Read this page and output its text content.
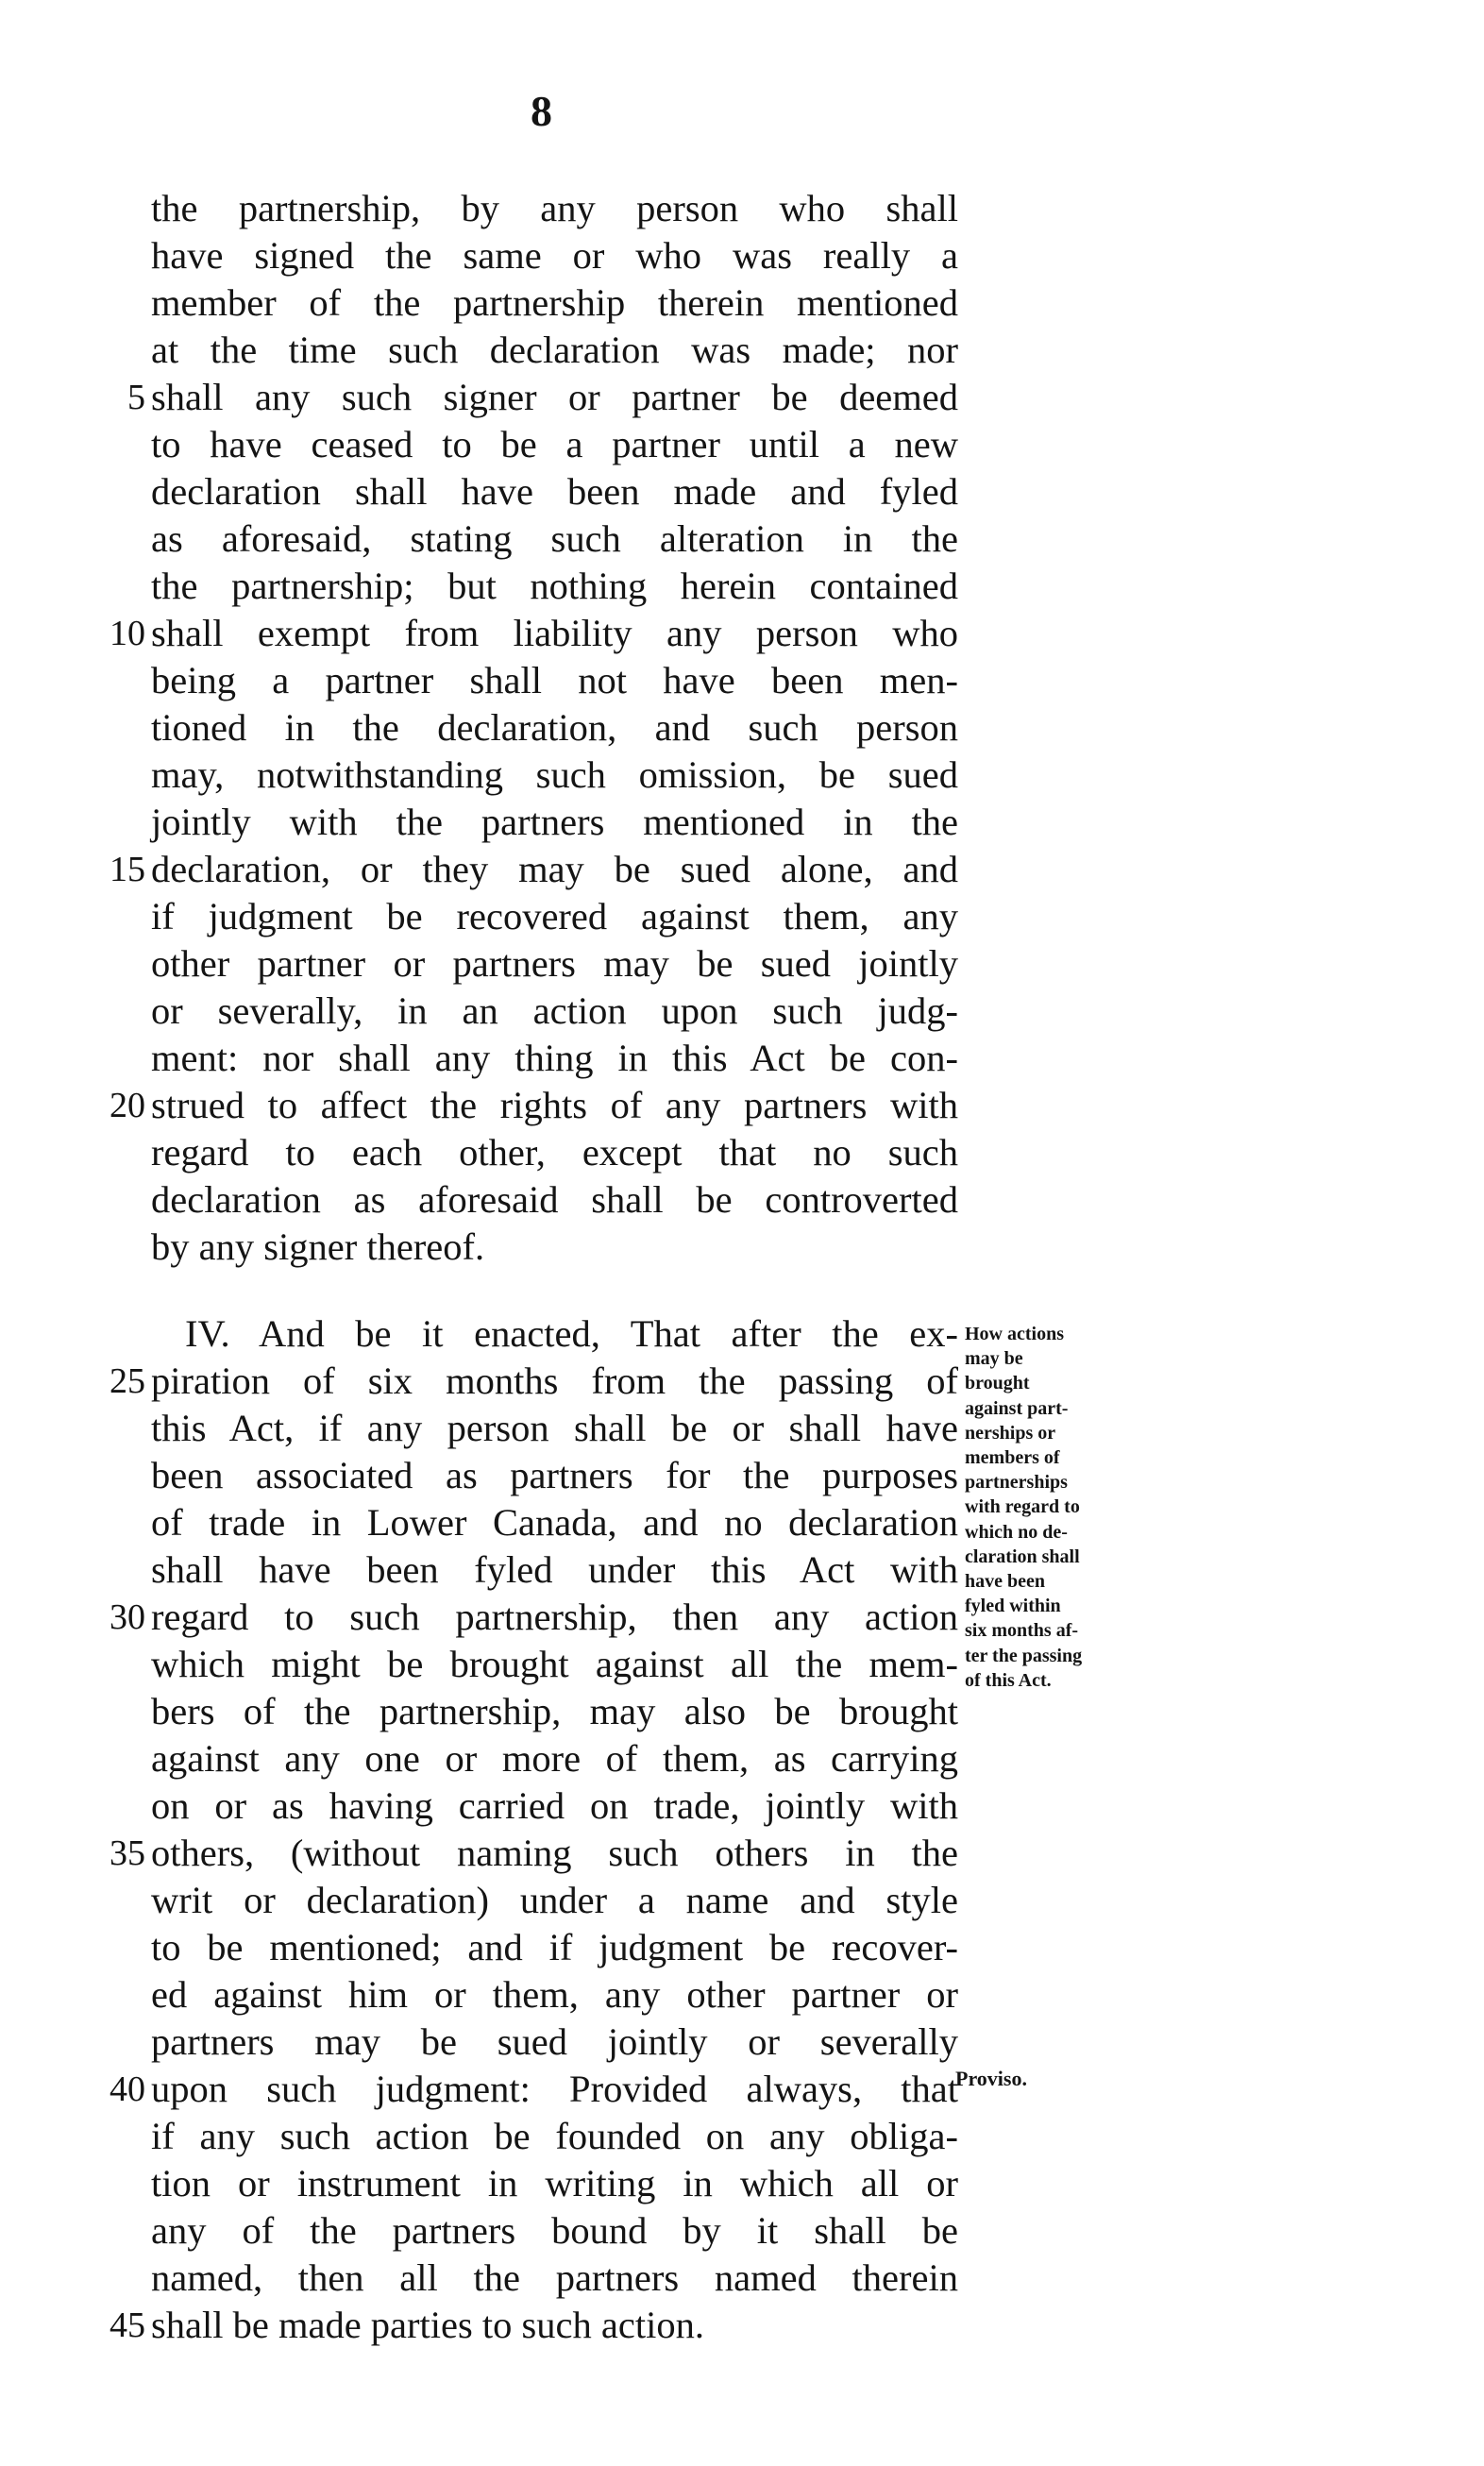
8
the partnership, by any person who shall
have signed the same or who was really a
member of the partnership therein mentioned
at the time such declaration was made; nor
shall any such signer or partner be deemed
to have ceased to be a partner until a new
declaration shall have been made and fyled
as aforesaid, stating such alteration in the
the partnership; but nothing herein contained
shall exempt from liability any person who
being a partner shall not have been men-
tioned in the declaration, and such person
may, notwithstanding such omission, be sued
jointly with the partners mentioned in the
declaration, or they may be sued alone, and
if judgment be recovered against them, any
other partner or partners may be sued jointly
or severally, in an action upon such judg-
ment: nor shall any thing in this Act be con-
strued to affect the rights of any partners with
regard to each other, except that no such
declaration as aforesaid shall be controverted
by any signer thereof.
IV. And be it enacted, That after the ex-
piration of six months from the passing of
this Act, if any person shall be or shall have
been associated as partners for the purposes
of trade in Lower Canada, and no declaration
shall have been fyled under this Act with
regard to such partnership, then any action
which might be brought against all the mem-
bers of the partnership, may also be brought
against any one or more of them, as carrying
on or as having carried on trade, jointly with
others, (without naming such others in the
writ or declaration) under a name and style
to be mentioned; and if judgment be recover-
ed against him or them, any other partner or
partners may be sued jointly or severally
upon such judgment: Provided always, that
if any such action be founded on any obliga-
tion or instrument in writing in which all or
any of the partners bound by it shall be
named, then all the partners named therein
shall be made parties to such action.
5
10
15
20
25
30
35
40
45
How actions
may be
brought
against part-
nerships or
members of
partnerships
with regard to
which no de-
claration shall
have been
fyled within
six months af-
ter the passing
of this Act.
Proviso.
